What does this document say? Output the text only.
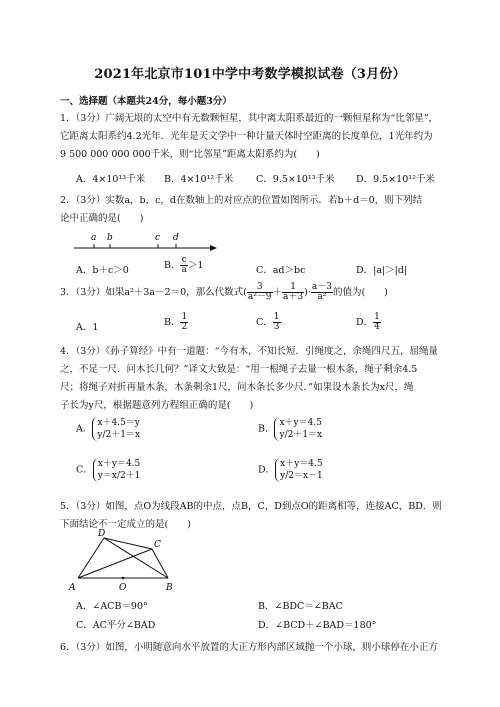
2021年北京市101中学中考数学模拟试卷（3月份）
一、选择题（本题共24分，每小题3分）
1．（3分）广阔无垠的太空中有无数颗恒星，其中离太阳系最近的一颗恒星称为“比邻星”，
它距离太阳系约4.2光年．光年是天文学中一种计量天体时空距离的长度单位，1光年约为
9 500 000 000 000千米，则“比邻星”距离太阳系约为(　　)
A．4×10¹³千米 B．4×10¹²千米 C．9.5×10¹³千米 D．9.5×10¹²千米
2．（3分）实数a，b，c，d在数轴上的对应点的位置如图所示．若b＋d＝0，则下列结
论中正确的是(　　)
a b	c d
A．b＋c＞0	B． $\frac{c}{a} >1$	C．ad＞bc	D．|a|＞|d|
3．（3分）如果a²＋3a－2＝0，那么代数式( $\frac{3}{\text{a²－9}} + \frac{1}{a+3}$ )· $\frac{a-3}{\text{a²}}$ 的值为(　　)
A．1	B． $\frac{1}{2}$	C． $\frac{1}{3}$	D． $\frac{1}{4}$
4．（3分）《孙子算经》中有一道题：“今有木，不知长短．引绳度之，余绳四尺五，屈绳量
之，不足一尺．问木长几何？”译文大致是：“用一根绳子去量一根木条，绳子剩余4.5
尺；将绳子对折再量木条，木条剩余1尺，问木条长多少尺．”如果设木条长为x尺，绳
子长为y尺，根据题意列方程组正确的是(　　)
A．x＋4.5＝y
y/2＋1＝x
B．x＋y＝4.5
y/2＋1＝x
C．x＋y＝4.5
y＝x/2＋1
D．x＋y＝4.5
y/2＝x－1
5．（3分）如图，点O为线段AB的中点，点B，C，D到点O的距离相等，连接AC，BD．则
下面结论不一定成立的是(　　)
A	O	B
C
D
A．∠ACB＝90°	B．∠BDC＝∠BAC
C．AC平分∠BAD	D．∠BCD＋∠BAD＝180°
6．（3分）如图，小明随意向水平放置的大正方形内部区域抛一个小球，则小球停在小正方
